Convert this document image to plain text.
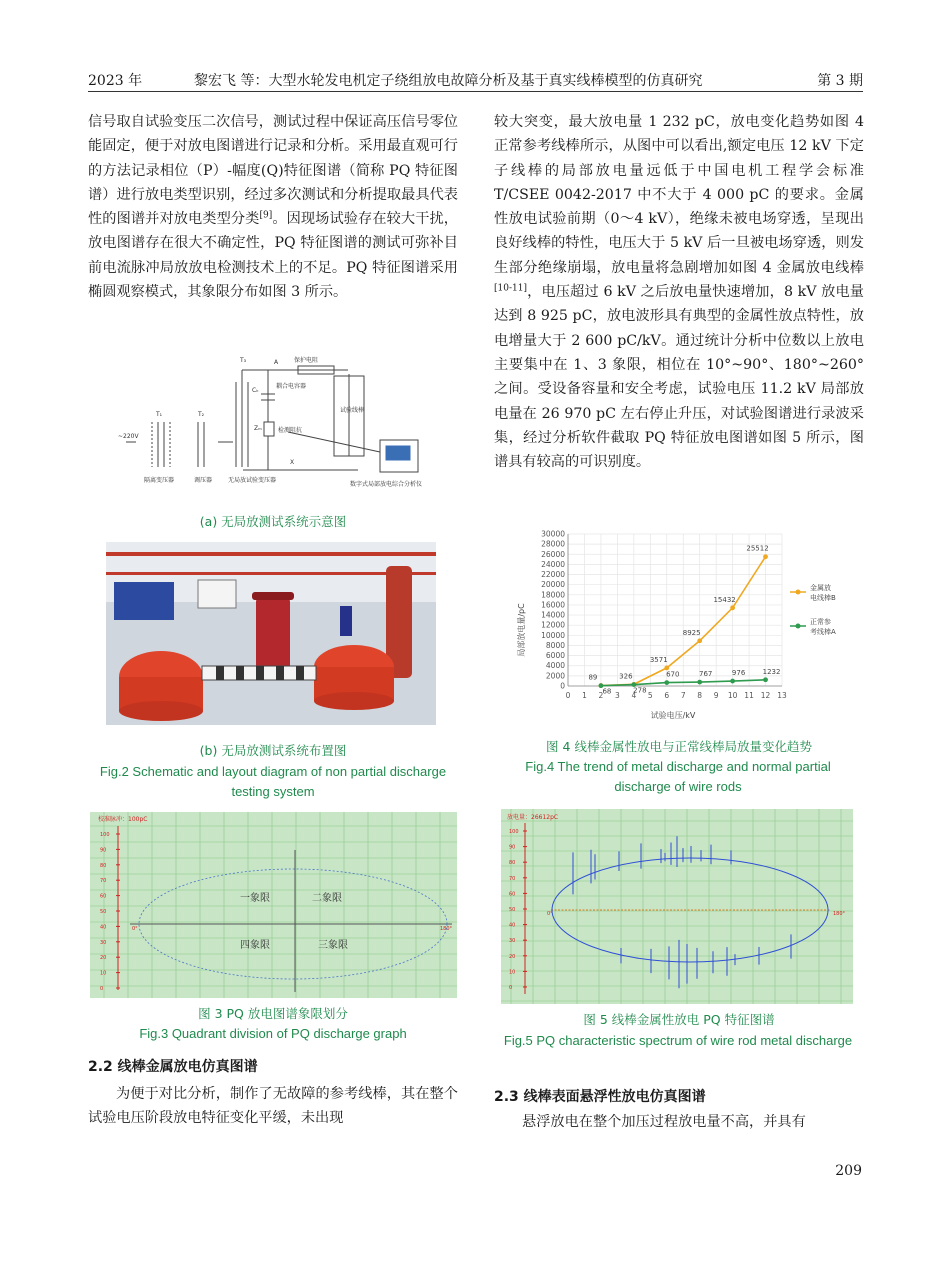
2023 年	黎宏飞 等：大型水轮发电机定子绕组放电故障分析及基于真实线棒模型的仿真研究	第 3 期
信号取自试验变压二次信号，测试过程中保证高压信号零位能固定，便于对放电图谱进行记录和分析。采用最直观可行的方法记录相位（P）-幅度(Q)特征图谱（简称 PQ 特征图谱）进行放电类型识别，经过多次测试和分析提取最具代表性的图谱并对放电类型分类[9]。因现场试验存在较大干扰，放电图谱存在很大不确定性，PQ 特征图谱的测试可弥补目前电流脉冲局放放电检测技术上的不足。PQ 特征图谱采用椭圆观察模式，其象限分布如图 3 所示。
T₃	A	保护电阻
T₁	T₂
Cₖ
耦合电容器
试验线棒
Zₘ	检测阻抗
X
~220V
隔离变压器	调压器	无局放试验变压器
数字式局部放电综合分析仪
(a) 无局放测试系统示意图
(b) 无局放测试系统布置图
Fig.2 Schematic and layout diagram of non partial discharge testing system
校准脉冲：100pC
100
90
80
70
60
50
40
30
20
10
0
一象限	二象限
四象限	三象限
0°	180°
图 3 PQ 放电图谱象限划分
Fig.3 Quadrant division of PQ discharge graph
2.2 线棒金属放电仿真图谱
为便于对比分析，制作了无故障的参考线棒，其在整个试验电压阶段放电特征变化平缓，未出现
较大突变，最大放电量 1 232 pC，放电变化趋势如图 4 正常参考线棒所示，从图中可以看出,额定电压 12 kV 下定子线棒的局部放电量远低于中国电机工程学会标准 T/CSEE 0042-2017 中不大于 4 000 pC 的要求。金属性放电试验前期（0～4 kV），绝缘未被电场穿透，呈现出良好线棒的特性，电压大于 5 kV 后一旦被电场穿透，则发生部分绝缘崩塌，放电量将急剧增加如图 4 金属放电线棒[10-11]，电压超过 6 kV 之后放电量快速增加，8 kV 放电量达到 8 925 pC，放电波形具有典型的金属性放点特性，放电增量大于 2 600 pC/kV。通过统计分析中位数以上放电主要集中在 1、3 象限，相位在 10°~90°、180°~260°之间。受设备容量和安全考虑，试验电压 11.2 kV 局部放电量在 26 970 pC 左右停止升压，对试验图谱进行录波采集，经过分析软件截取 PQ 特征放电图谱如图 5 所示，图谱具有较高的可识别度。
局部放电量/pC
试验电压/kV
0
2000
4000
6000
8000
10000
12000
14000
16000
18000
20000
22000
24000
26000
28000
30000
0 1 2 3 4 5 6 7 8 9 10 11 12 13
89	326
3571
8925
15432
25512
68	278
670	767	976 1232
金属放
电线棒B
正常参
考线棒A
图 4 线棒金属性放电与正常线棒局放量变化趋势
Fig.4 The trend of metal discharge and normal partial discharge of wire rods
放电量：26612pC
100
90
80
70
60
50
40
30
20
10
0
0°	180°
图 5 线棒金属性放电 PQ 特征图谱
Fig.5 PQ characteristic spectrum of wire rod metal discharge
2.3 线棒表面悬浮性放电仿真图谱
悬浮放电在整个加压过程放电量不高，并具有
209
